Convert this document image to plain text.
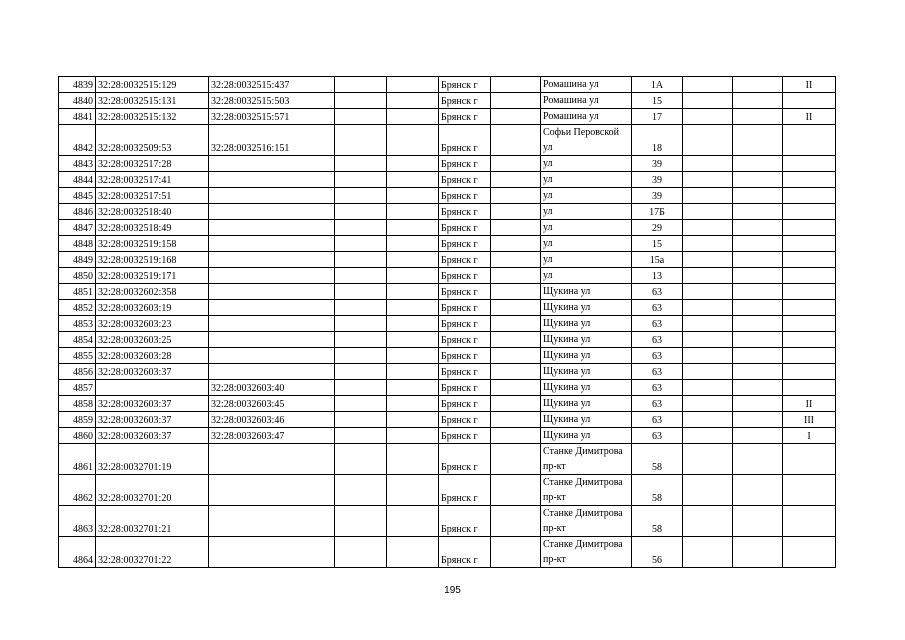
4839	32:28:0032515:129	32:28:0032515:437			Брянск г		Ромашина ул	1А			II
4840	32:28:0032515:131	32:28:0032515:503			Брянск г		Ромашина ул	15			
4841	32:28:0032515:132	32:28:0032515:571			Брянск г		Ромашина ул	17			II
4842	32:28:0032509:53	32:28:0032516:151			Брянск г		Софьи Перовской ул	18			
4843	32:28:0032517:28				Брянск г		ул	39			
4844	32:28:0032517:41				Брянск г		ул	39			
4845	32:28:0032517:51				Брянск г		ул	39			
4846	32:28:0032518:40				Брянск г		ул	17Б			
4847	32:28:0032518:49				Брянск г		ул	29			
4848	32:28:0032519:158				Брянск г		ул	15			
4849	32:28:0032519:168				Брянск г		ул	15а			
4850	32:28:0032519:171				Брянск г		ул	13			
4851	32:28:0032602:358				Брянск г		Щукина ул	63			
4852	32:28:0032603:19				Брянск г		Щукина ул	63			
4853	32:28:0032603:23				Брянск г		Щукина ул	63			
4854	32:28:0032603:25				Брянск г		Щукина ул	63			
4855	32:28:0032603:28				Брянск г		Щукина ул	63			
4856	32:28:0032603:37				Брянск г		Щукина ул	63			
4857		32:28:0032603:40			Брянск г		Щукина ул	63			
4858	32:28:0032603:37	32:28:0032603:45			Брянск г		Щукина ул	63			II
4859	32:28:0032603:37	32:28:0032603:46			Брянск г		Щукина ул	63			III
4860	32:28:0032603:37	32:28:0032603:47			Брянск г		Щукина ул	63			I
4861	32:28:0032701:19				Брянск г		Станке Димитрова пр-кт	58			
4862	32:28:0032701:20				Брянск г		Станке Димитрова пр-кт	58			
4863	32:28:0032701:21				Брянск г		Станке Димитрова пр-кт	58			
4864	32:28:0032701:22				Брянск г		Станке Димитрова пр-кт	56			
195
